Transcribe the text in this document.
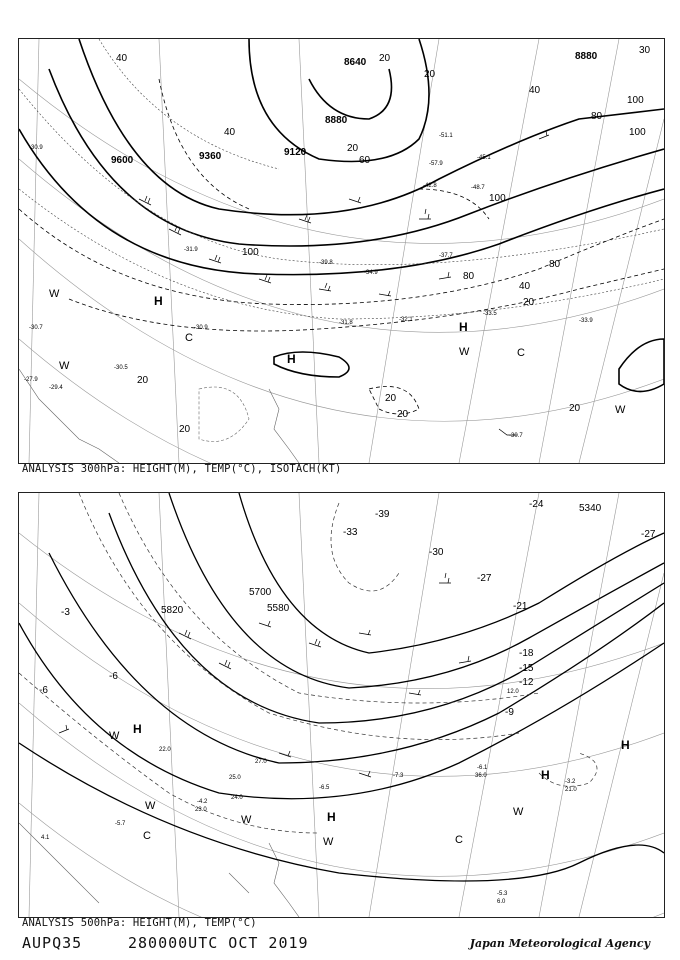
9600	9360	9120
8880
8640
8880
40
40
20
20
60
80
100
100
100
80
40
20
20
20
20
20
20
100
80
40
20
30
-30.9
-30.7
-30.5
-31.8	-32.1
-33.5
-33.9
-30.7
-57.9
-51.1
-48.7
-45.1
-42.8
-39.8
-37.7
-34.9
-30.9
-31.9
-29.4
-27.9
H
H
H
C
C
W
W
W
W
ANALYSIS 300hPa: HEIGHT(M), TEMP(°C), ISOTACH(KT)
5820
5700
5580
5340
-30
-27
-27
-24
-21
-18
-15
-12
-9
-6
-6
-3
-39
-33
-5.3
-7.3
-6.1
-4.2
-3.2
-5.7
-6.5
36.0
21.0
23.0
24.0
6.0
4.1
22.0
25.0
27.0
12.0
H
H
H
H
C	C
W
W
W
W
W
ANALYSIS 500hPa: HEIGHT(M), TEMP(°C)
AUPQ35	280000UTC OCT 2019	Japan Meteorological Agency
